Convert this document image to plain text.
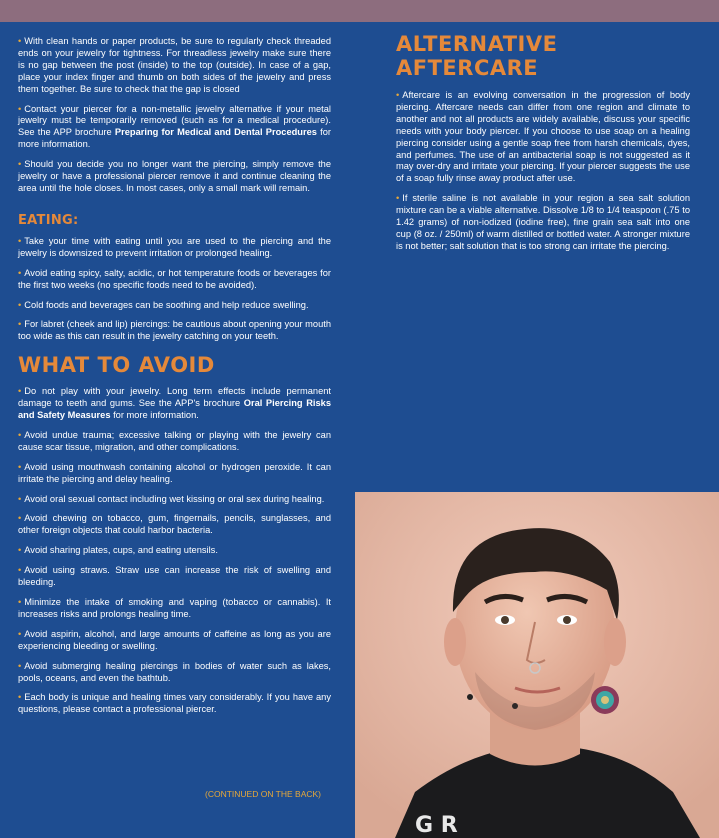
• With clean hands or paper products, be sure to regularly check threaded ends on your jewelry for tightness. For threadless jewelry make sure there is no gap between the post (inside) to the top (outside). In case of a gap, place your index finger and thumb on both sides of the jewelry and press them together. Be sure to check that the gap is closed

• Contact your piercer for a non-metallic jewelry alternative if your metal jewelry must be temporarily removed (such as for a medical procedure). See the APP brochure Preparing for Medical and Dental Procedures for more information.

• Should you decide you no longer want the piercing, simply remove the jewelry or have a professional piercer remove it and continue cleaning the area until the hole closes. In most cases, only a small mark will remain.

EATING:

• Take your time with eating until you are used to the piercing and the jewelry is downsized to prevent irritation or prolonged healing.

• Avoid eating spicy, salty, acidic, or hot temperature foods or beverages for the first two weeks (no specific foods need to be avoided).

• Cold foods and beverages can be soothing and help reduce swelling.

• For labret (cheek and lip) piercings: be cautious about opening your mouth too wide as this can result in the jewelry catching on your teeth.

WHAT TO AVOID

• Do not play with your jewelry. Long term effects include permanent damage to teeth and gums. See the APP's brochure Oral Piercing Risks and Safety Measures for more information.

• Avoid undue trauma; excessive talking or playing with the jewelry can cause scar tissue, migration, and other complications.

• Avoid using mouthwash containing alcohol or hydrogen peroxide. It can irritate the piercing and delay healing.

• Avoid oral sexual contact including wet kissing or oral sex during healing.

• Avoid chewing on tobacco, gum, fingernails, pencils, sunglasses, and other foreign objects that could harbor bacteria.

• Avoid sharing plates, cups, and eating utensils.

• Avoid using straws. Straw use can increase the risk of swelling and bleeding.

• Minimize the intake of smoking and vaping (tobacco or cannabis). It increases risks and prolongs healing time.

• Avoid aspirin, alcohol, and large amounts of caffeine as long as you are experiencing bleeding or swelling.

• Avoid submerging healing piercings in bodies of water such as lakes, pools, oceans, and even the bathtub.

• Each body is unique and healing times vary considerably. If you have any questions, please contact a professional piercer.

(CONTINUED ON THE BACK)
ALTERNATIVE AFTERCARE

• Aftercare is an evolving conversation in the progression of body piercing. Aftercare needs can differ from one region and climate to another and not all products are widely available, discuss your specific needs with your body piercer. If you choose to use soap on a healing piercing consider using a gentle soap free from harsh chemicals, dyes, and perfumes. The use of an antibacterial soap is not suggested as it may over-dry and irritate your piercing. If your piercer suggests the use of a soap fully rinse away product after use.

• If sterile saline is not available in your region a sea salt solution mixture can be a viable alternative. Dissolve 1/8 to 1/4 teaspoon (.75 to 1.42 grams) of non-iodized (iodine free), fine grain sea salt into one cup (8 oz. / 250ml) of warm distilled or bottled water. A stronger mixture is not better; salt solution that is too strong can irritate the piercing.

G R
